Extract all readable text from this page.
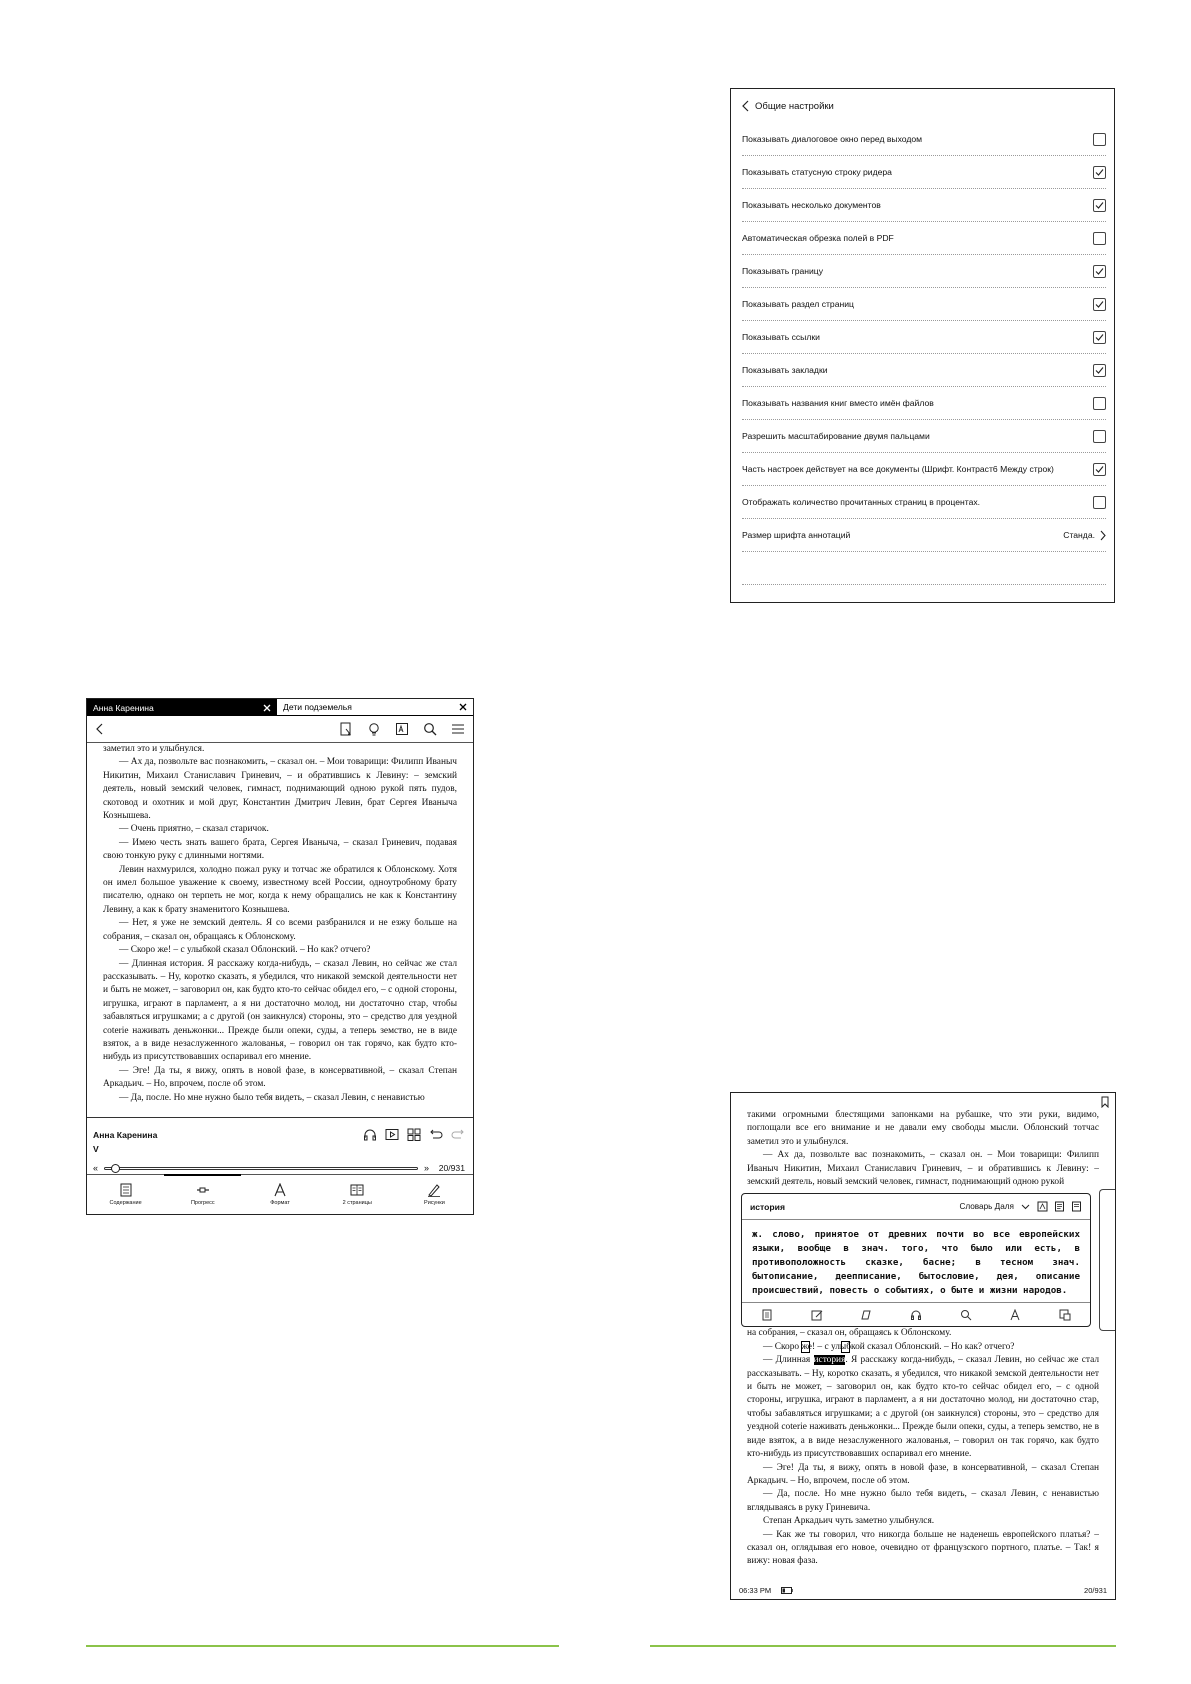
Общие настройки
Показывать диалоговое окно перед выходом
Показывать статусную строку ридера
Показывать несколько документов
Автоматическая обрезка полей в PDF
Показывать границу
Показывать раздел страниц
Показывать ссылки
Показывать закладки
Показывать названия книг вместо имён файлов
Разрешить масштабирование двумя пальцами
Часть настроек действует на все документы (Шрифт. Контраст6 Между строк)
Отображать количество прочитанных страниц в процентах.
Размер шрифта аннотаций	Станда.
Анна Каренина	Дети подземелья

заметил это и улыбнулся.

— Ах да, позвольте вас познакомить, – сказал он. – Мои товарищи: Филипп Иваныч Никитин, Михаил Станиславич Гриневич, – и обратившись к Левину: – земский деятель, новый земский человек, гимнаст, поднимающий одною рукой пять пудов, скотовод и охотник и мой друг, Константин Дмитрич Левин, брат Сергея Иваныча Кознышева.

— Очень приятно, – сказал старичок.

— Имею честь знать вашего брата, Сергея Иваныча, – сказал Гриневич, подавая свою тонкую руку с длинными ногтями.

Левин нахмурился, холодно пожал руку и тотчас же обратился к Облонскому. Хотя он имел большое уважение к своему, известному всей России, одноутробному брату писателю, однако он терпеть не мог, когда к нему обращались не как к Константину Левину, а как к брату знаменитого Кознышева.

— Нет, я уже не земский деятель. Я со всеми разбранился и не езжу больше на собрания, – сказал он, обращаясь к Облонскому.

— Скоро же! – с улыбкой сказал Облонский. – Но как? отчего?

— Длинная история. Я расскажу когда-нибудь, – сказал Левин, но сейчас же стал рассказывать. – Ну, коротко сказать, я убедился, что никакой земской деятельности нет и быть не может, – заговорил он, как будто кто-то сейчас обидел его, – с одной стороны, игрушка, играют в парламент, а я ни достаточно молод, ни достаточно стар, чтобы забавляться игрушками; а с другой (он заикнулся) стороны, это – средство для уездной coterie наживать деньжонки... Прежде были опеки, суды, а теперь земство, не в виде взяток, а в виде незаслуженного жалованья, – говорил он так горячо, как будто кто-нибудь из присутствовавших оспаривал его мнение.

— Эге! Да ты, я вижу, опять в новой фазе, в консервативной, – сказал Степан Аркадьич. – Но, впрочем, после об этом.

— Да, после. Но мне нужно было тебя видеть, – сказал Левин, с ненавистью

Анна Каренина
V
«	»	20/931
Содержание	Прогресс	Формат	2 страницы	Рисунки

такими огромными блестящими запонками на рубашке, что эти руки, видимо, поглощали все его внимание и не давали ему свободы мысли. Облонский тотчас заметил это и улыбнулся.

— Ах да, позвольте вас познакомить, – сказал он. – Мои товарищи: Филипп Иваныч Никитин, Михаил Станиславич Гриневич, – и обратившись к Левину: – земский деятель, новый земский человек, гимнаст, поднимающий одною рукой

на собрания, – сказал он, обращаясь к Облонскому.

— Скоро же! – с улыбкой сказал Облонский. – Но как? отчего?

— Длинная история. Я расскажу когда-нибудь, – сказал Левин, но сейчас же стал рассказывать. – Ну, коротко сказать, я убедился, что никакой земской деятельности нет и быть не может, – заговорил он, как будто кто-то сейчас обидел его, – с одной стороны, игрушка, играют в парламент, а я ни достаточно молод, ни достаточно стар, чтобы забавляться игрушками; а с другой (он заикнулся) стороны, это – средство для уездной coterie наживать деньжонки... Прежде были опеки, суды, а теперь земство, не в виде взяток, а в виде незаслуженного жалованья, – говорил он так горячо, как будто кто-нибудь из присутствовавших оспаривал его мнение.

— Эге! Да ты, я вижу, опять в новой фазе, в консервативной, – сказал Степан Аркадьич. – Но, впрочем, после об этом.

— Да, после. Но мне нужно было тебя видеть, – сказал Левин, с ненавистью вглядываясь в руку Гриневича.

Степан Аркадьич чуть заметно улыбнулся.

— Как же ты говорил, что никогда больше не наденешь европейского платья? – сказал он, оглядывая его новое, очевидно от французского портного, платье. – Так! я вижу: новая фаза.

история	Словарь Даля
ж. слово, принятое от древних почти во все европейских языки, вообще в знач. того, что было или есть, в противоположность сказке, басне; в тесном знач. бытописание, деепписание, бытословие, дея, описание происшествий, повесть о событиях, о быте и жизни народов.
06:33 PM	20/931
